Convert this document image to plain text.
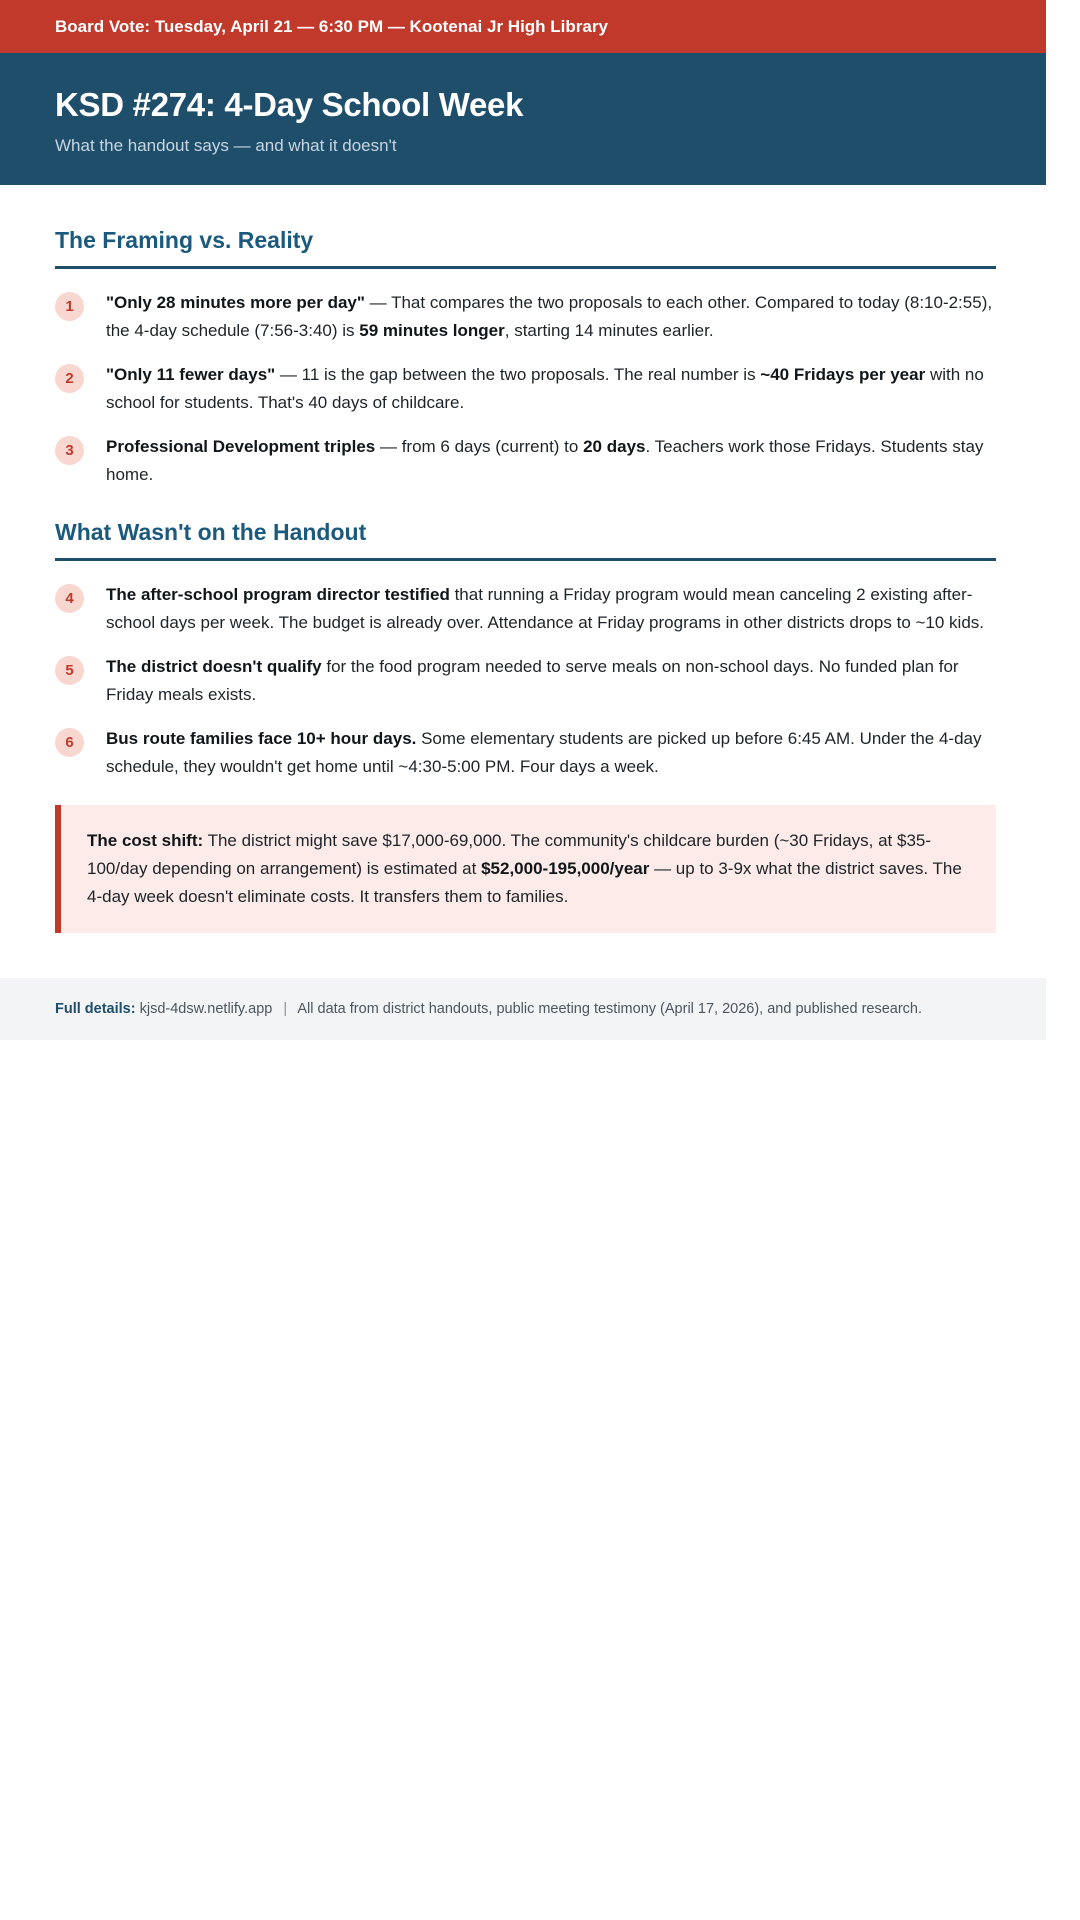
Board Vote: Tuesday, April 21 — 6:30 PM — Kootenai Jr High Library
KSD #274: 4-Day School Week

What the handout says — and what it doesn't

The Framing vs. Reality
1	"Only 28 minutes more per day" — That compares the two proposals to each other. Compared to today (8:10-2:55), the 4-day schedule (7:56-3:40) is 59 minutes longer, starting 14 minutes earlier.

2	"Only 11 fewer days" — 11 is the gap between the two proposals. The real number is ~40 Fridays per year with no school for students. That's 40 days of childcare.

3	Professional Development triples — from 6 days (current) to 20 days. Teachers work those Fridays. Students stay home.

What Wasn't on the Handout
4	The after-school program director testified that running a Friday program would mean canceling 2 existing after-school days per week. The budget is already over. Attendance at Friday programs in other districts drops to ~10 kids.

5	The district doesn't qualify for the food program needed to serve meals on non-school days. No funded plan for Friday meals exists.

6	Bus route families face 10+ hour days. Some elementary students are picked up before 6:45 AM. Under the 4-day schedule, they wouldn't get home until ~4:30-5:00 PM. Four days a week.

The cost shift: The district might save $17,000-69,000. The community's childcare burden (~30 Fridays, at $35-100/day depending on arrangement) is estimated at $52,000-195,000/year — up to 3-9x what the district saves. The 4-day week doesn't eliminate costs. It transfers them to families.

Full details: kjsd-4dsw.netlify.app | All data from district handouts, public meeting testimony (April 17, 2026), and published research.
